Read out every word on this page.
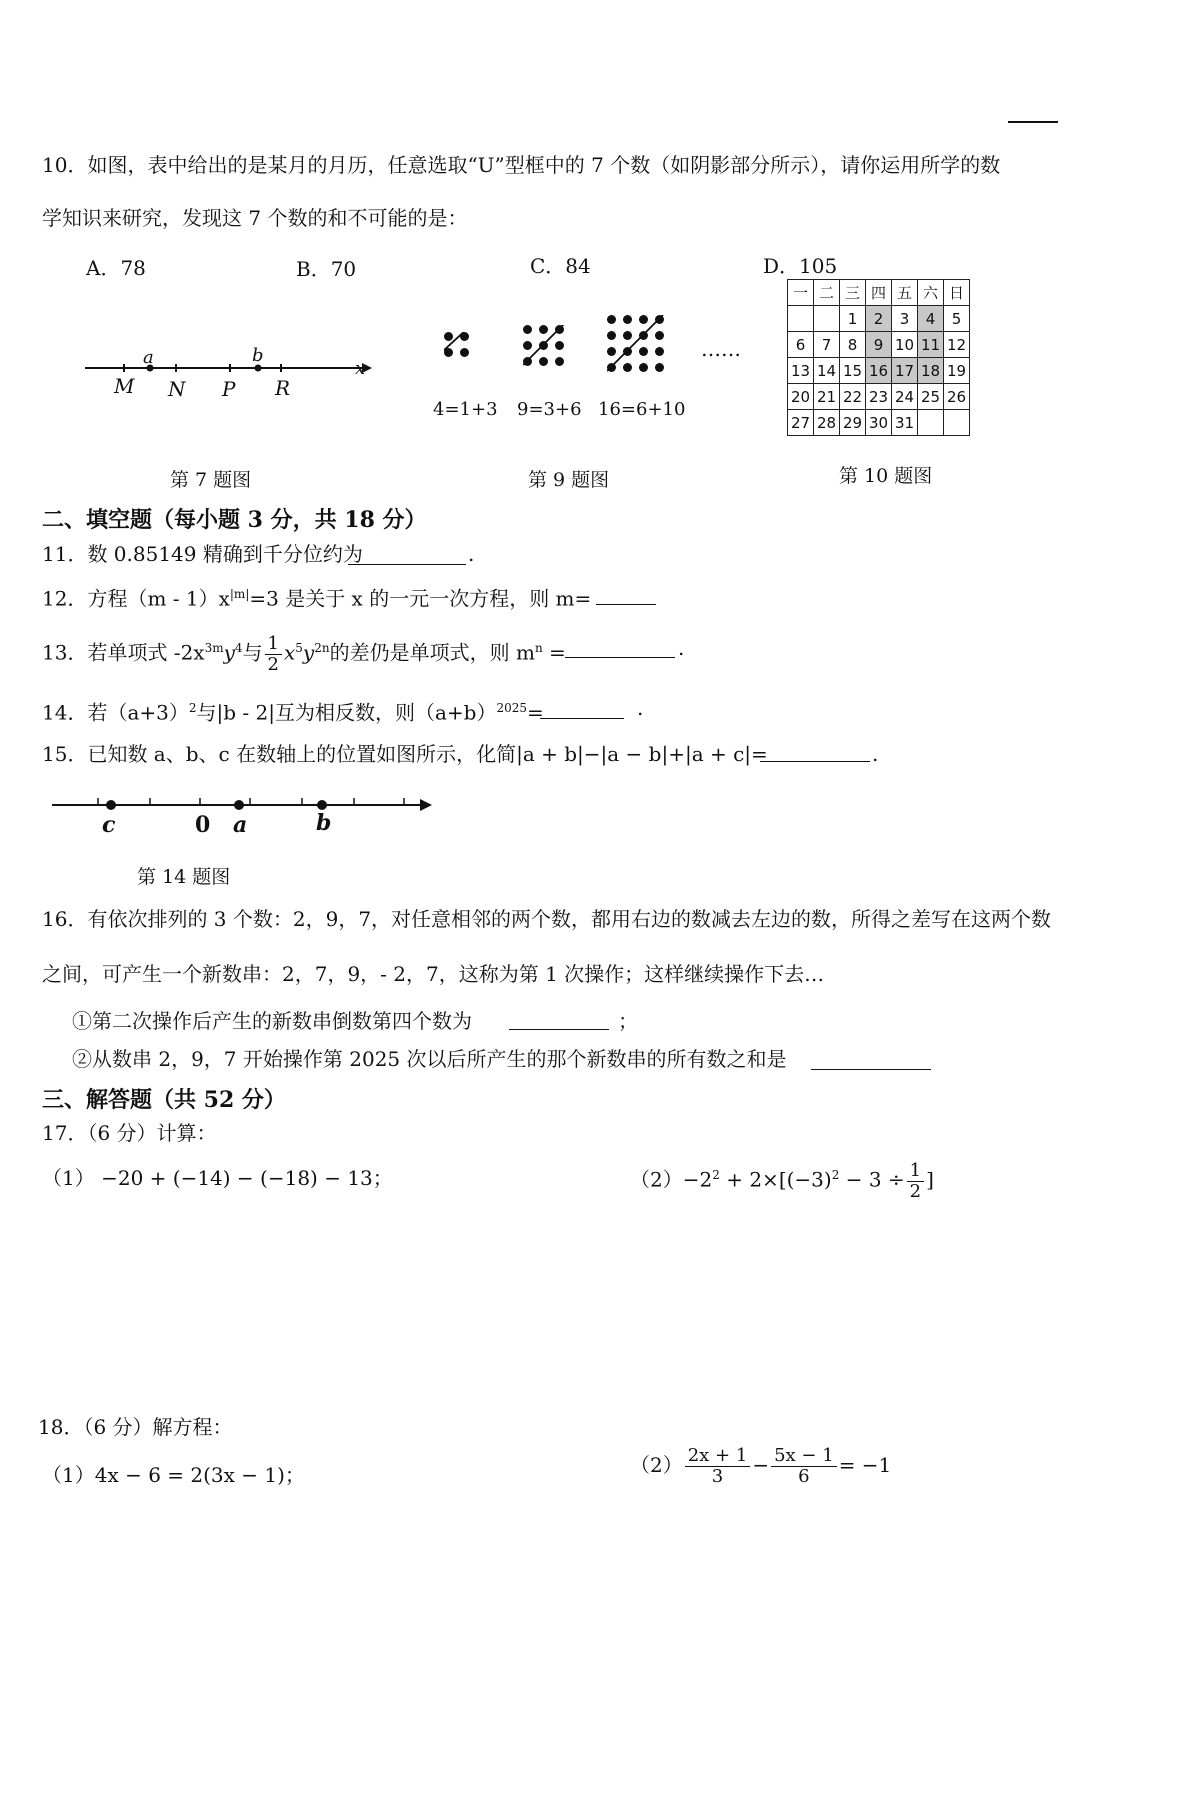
10．如图，表中给出的是某月的月历，任意选取“U”型框中的 7 个数（如阴影部分所示），请你运用所学的数
学知识来研究，发现这 7 个数的和不可能的是：
A．78	B．70	C．84	D．105
a	b
M N P R
x
第 7 题图
……
4=1+3 9=3+6 16=6+10
第 9 题图
一	二	三	四	五	六	日
		1	2	3	4	5
6	7	8	9	10	11	12
13	14	15	16	17	18	19
20	21	22	23	24	25	26
27	28	29	30	31		
第 10 题图
二、填空题（每小题 3 分，共 18 分）
11．数 0.85149 精确到千分位约为	.
12．方程$(m - 1)x^{|m|}=3$ 是关于 x 的一元一次方程，则 m=
13．若单项式 $-2x^{3m}y^4$与 $\frac{1}{2} x^5y^{2n}$的差仍是单项式，则 $m^n$ =	.
14．若$(a+3)^2$与|b - 2|互为相反数，则$(a+b)^{2025}=$	.
15．已知数 a、b、c 在数轴上的位置如图所示，化简|a + b|−|a − b|+|a + c|=	.
c	0 a	b
第 14 题图
16．有依次排列的 3 个数：2，9，7，对任意相邻的两个数，都用右边的数减去左边的数，所得之差写在这两个数
之间，可产生一个新数串：2，7，9，- 2，7，这称为第 1 次操作；这样继续操作下去…
①第二次操作后产生的新数串倒数第四个数为	；
②从数串 2，9，7 开始操作第 2025 次以后所产生的那个新数串的所有数之和是
三、解答题（共 52 分）
17．（6 分）计算：
（1） −20 + (−14) − (−18) − 13；	$(2)-2^2 + 2\times[(-3)^2 - 3 \div \frac{1}{2}$ ]
18．（6 分）解方程：
（1）4x − 6 = 2(3x − 1)；	$(2) \frac{2x + 1}{3} - \frac{5x - 1}{6} = -1$
